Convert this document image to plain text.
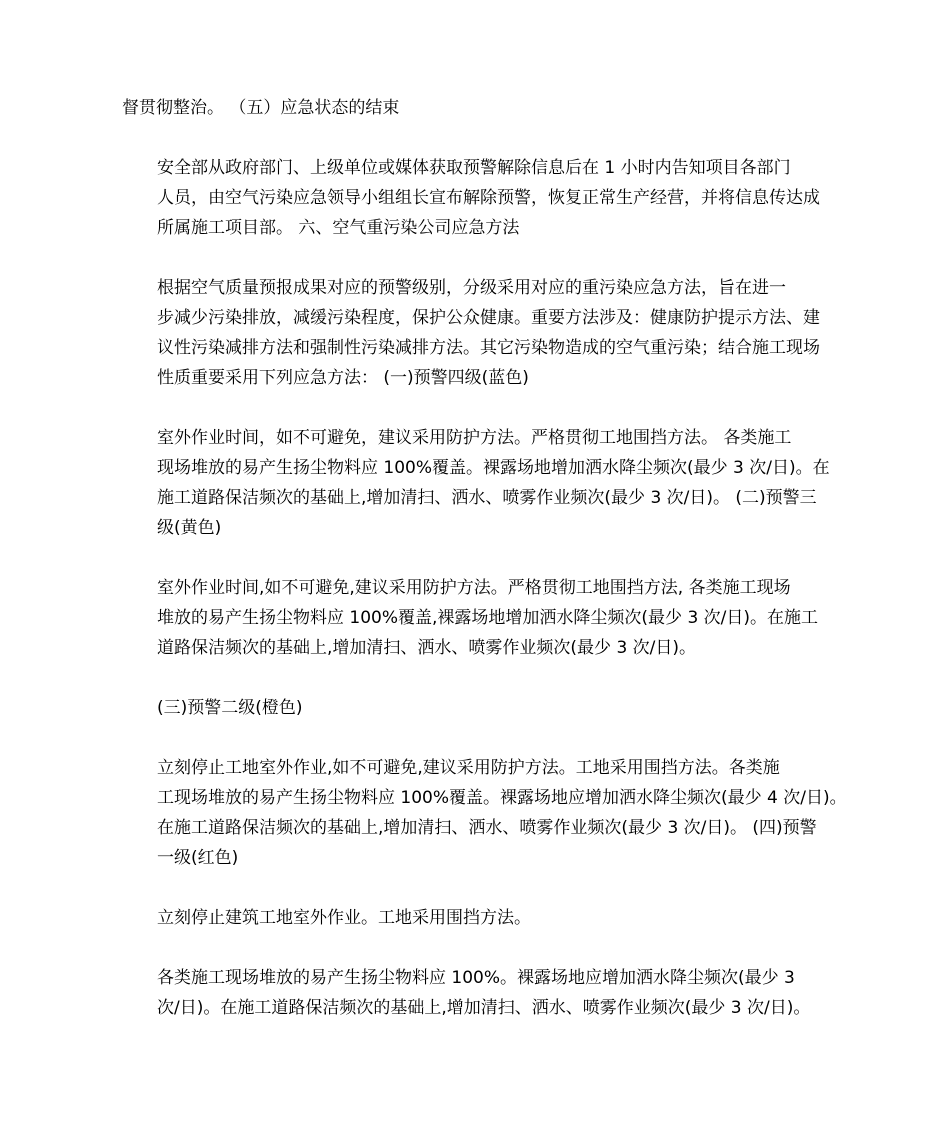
督贯彻整治。 （五）应急状态的结束

安全部从政府部门、上级单位或媒体获取预警解除信息后在 1 小时内告知项目各部门
人员，由空气污染应急领导小组组长宣布解除预警，恢复正常生产经营，并将信息传达成
所属施工项目部。 六、空气重污染公司应急方法

根据空气质量预报成果对应的预警级别，分级采用对应的重污染应急方法，旨在进一
步减少污染排放，减缓污染程度，保护公众健康。重要方法涉及：健康防护提示方法、建
议性污染减排方法和强制性污染减排方法。其它污染物造成的空气重污染；结合施工现场
性质重要采用下列应急方法： (一)预警四级(蓝色)

室外作业时间，如不可避免，建议采用防护方法。严格贯彻工地围挡方法。 各类施工
现场堆放的易产生扬尘物料应 100%覆盖。裸露场地增加洒水降尘频次(最少 3 次/日)。在
施工道路保洁频次的基础上,增加清扫、洒水、喷雾作业频次(最少 3 次/日)。 (二)预警三
级(黄色)

室外作业时间,如不可避免,建议采用防护方法。严格贯彻工地围挡方法, 各类施工现场
堆放的易产生扬尘物料应 100%覆盖,裸露场地增加洒水降尘频次(最少 3 次/日)。在施工
道路保洁频次的基础上,增加清扫、洒水、喷雾作业频次(最少 3 次/日)。

(三)预警二级(橙色)

立刻停止工地室外作业,如不可避免,建议采用防护方法。工地采用围挡方法。各类施
工现场堆放的易产生扬尘物料应 100%覆盖。裸露场地应增加洒水降尘频次(最少 4 次/日)。
在施工道路保洁频次的基础上,增加清扫、洒水、喷雾作业频次(最少 3 次/日)。 (四)预警
一级(红色)

立刻停止建筑工地室外作业。工地采用围挡方法。

各类施工现场堆放的易产生扬尘物料应 100%。裸露场地应增加洒水降尘频次(最少 3
次/日)。在施工道路保洁频次的基础上,增加清扫、洒水、喷雾作业频次(最少 3 次/日)。
